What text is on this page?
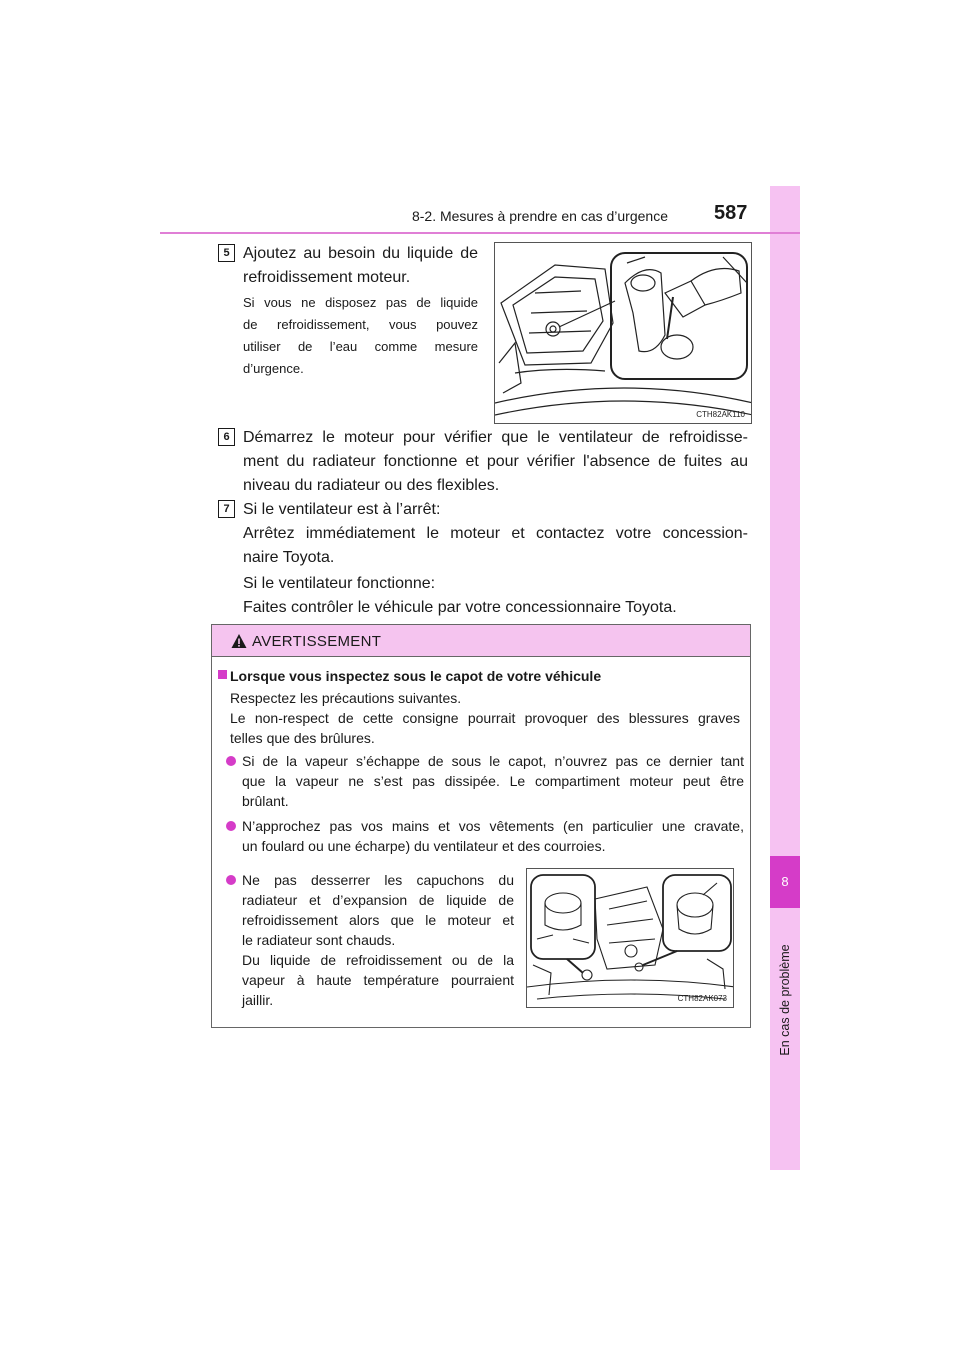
8
En cas de problème
8-2. Mesures à prendre en cas d’urgence 587
5 Ajoutez au besoin du liquide de
refroidissement moteur.
Si vous ne disposez pas de liquide
de refroidissement, vous pouvez
utiliser de l’eau comme mesure
d’urgence.
CTH82AK110
6 Démarrez le moteur pour vérifier que le ventilateur de refroidisse-
ment du radiateur fonctionne et pour vérifier l'absence de fuites au
niveau du radiateur ou des flexibles.
7 Si le ventilateur est à l’arrêt:
Arrêtez immédiatement le moteur et contactez votre concession-
naire Toyota.
Si le ventilateur fonctionne:
Faites contrôler le véhicule par votre concessionnaire Toyota.
AVERTISSEMENT
Lorsque vous inspectez sous le capot de votre véhicule
Respectez les précautions suivantes.
Le non-respect de cette consigne pourrait provoquer des blessures graves
telles que des brûlures.
Si de la vapeur s’échappe de sous le capot, n’ouvrez pas ce dernier tant
que la vapeur ne s’est pas dissipée. Le compartiment moteur peut être
brûlant.
N’approchez pas vos mains et vos vêtements (en particulier une cravate,
un foulard ou une écharpe) du ventilateur et des courroies.
Ne pas desserrer les capuchons du
radiateur et d’expansion de liquide de
refroidissement alors que le moteur et
le radiateur sont chauds.
Du liquide de refroidissement ou de la
vapeur à haute température pourraient
jaillir.	CTH82AK073
